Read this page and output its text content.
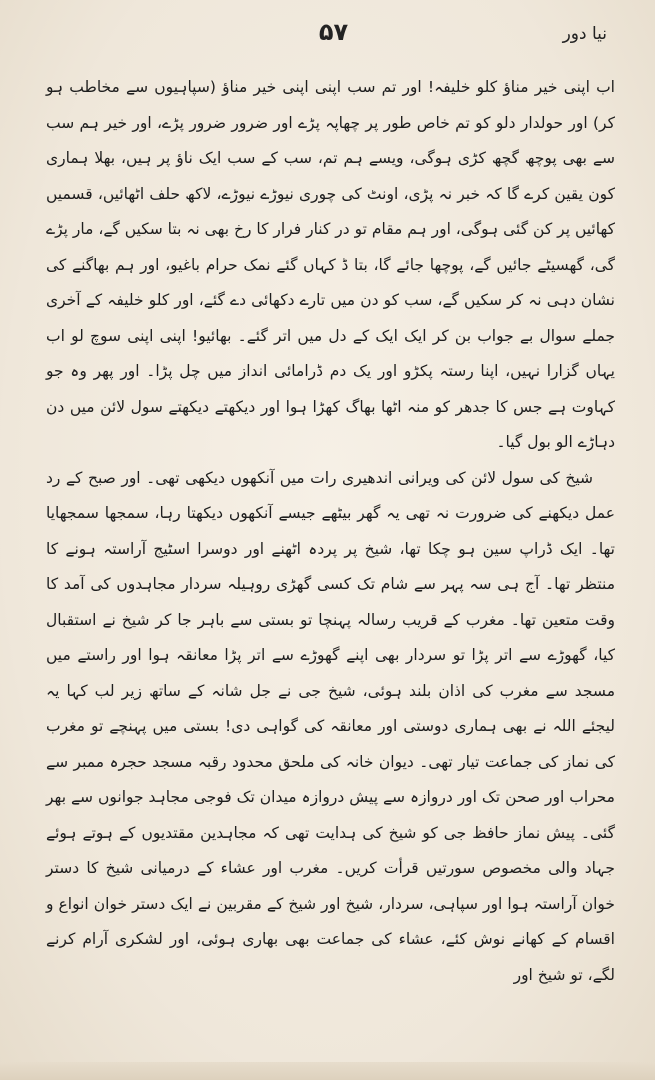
نیا دور
۵۷

اب اپنی خیر مناؤ کلو خلیفہ! اور تم سب اپنی اپنی خیر مناؤ (سپاہیوں سے مخاطب ہو کر) اور حولدار دلو کو تم خاص طور پر چھاپہ پڑے اور ضرور ضرور پڑے، اور خیر ہم سب سے بھی پوچھ گچھ کڑی ہوگی، ویسے ہم تم، سب کے سب ایک ناؤ پر ہیں، بھلا ہماری کون یقین کرے گا کہ خبر نہ پڑی، اونٹ کی چوری نیوڑے نیوڑے، لاکھ حلف اٹھائیں، قسمیں کھائیں پر کن گئی ہوگی، اور ہم مقام تو در کنار فرار کا رخ بھی نہ بتا سکیں گے، مار پڑے گی، گھسیٹے جائیں گے، پوچھا جائے گا، بتا ڈ کہاں گئے نمک حرام باغیو، اور ہم بھاگنے کی نشان دہی نہ کر سکیں گے، سب کو دن میں تارے دکھائی دے گئے، اور کلو خلیفہ کے آخری جملے سوال بے جواب بن کر ایک ایک کے دل میں اتر گئے۔ بھائیو! اپنی اپنی سوچ لو اب یہاں گزارا نہیں، اپنا رستہ پکڑو اور یک دم ڈرامائی انداز میں چل پڑا۔ اور پھر وہ جو کہاوت ہے جس کا جدھر کو منہ اٹھا بھاگ کھڑا ہوا اور دیکھتے دیکھتے سول لائن میں دن دہاڑے الو بول گیا۔

شیخ کی سول لائن کی ویرانی اندھیری رات میں آنکھوں دیکھی تھی۔ اور صبح کے رد عمل دیکھنے کی ضرورت نہ تھی یہ گھر بیٹھے جیسے آنکھوں دیکھتا رہا، سمجھا سمجھایا تھا۔ ایک ڈراپ سین ہو چکا تھا، شیخ پر پردہ اٹھنے اور دوسرا اسٹیج آراستہ ہونے کا منتظر تھا۔ آج ہی سہ پہر سے شام تک کسی گھڑی روہیلہ سردار مجاہدوں کی آمد کا وقت متعین تھا۔ مغرب کے قریب رسالہ پہنچا تو بستی سے باہر جا کر شیخ نے استقبال کیا، گھوڑے سے اتر پڑا تو سردار بھی اپنے گھوڑے سے اتر پڑا معانقہ ہوا اور راستے میں مسجد سے مغرب کی اذان بلند ہوئی، شیخ جی نے جل شانہ کے ساتھ زیر لب کہا یہ لیجئے اللہ نے بھی ہماری دوستی اور معانقہ کی گواہی دی! بستی میں پہنچے تو مغرب کی نماز کی جماعت تیار تھی۔ دیوان خانہ کی ملحق محدود رقبہ مسجد حجرہ ممبر سے محراب اور صحن تک اور دروازہ سے پیش دروازہ میدان تک فوجی مجاہد جوانوں سے بھر گئی۔ پیش نماز حافظ جی کو شیخ کی ہدایت تھی کہ مجاہدین مقتدیوں کے ہوتے ہوئے جہاد والی مخصوص سورتیں قرأت کریں۔ مغرب اور عشاء کے درمیانی شیخ کا دستر خوان آراستہ ہوا اور سپاہی، سردار، شیخ اور شیخ کے مقربین نے ایک دستر خوان انواع و اقسام کے کھانے نوش کئے، عشاء کی جماعت بھی بھاری ہوئی، اور لشکری آرام کرنے لگے، تو شیخ اور
